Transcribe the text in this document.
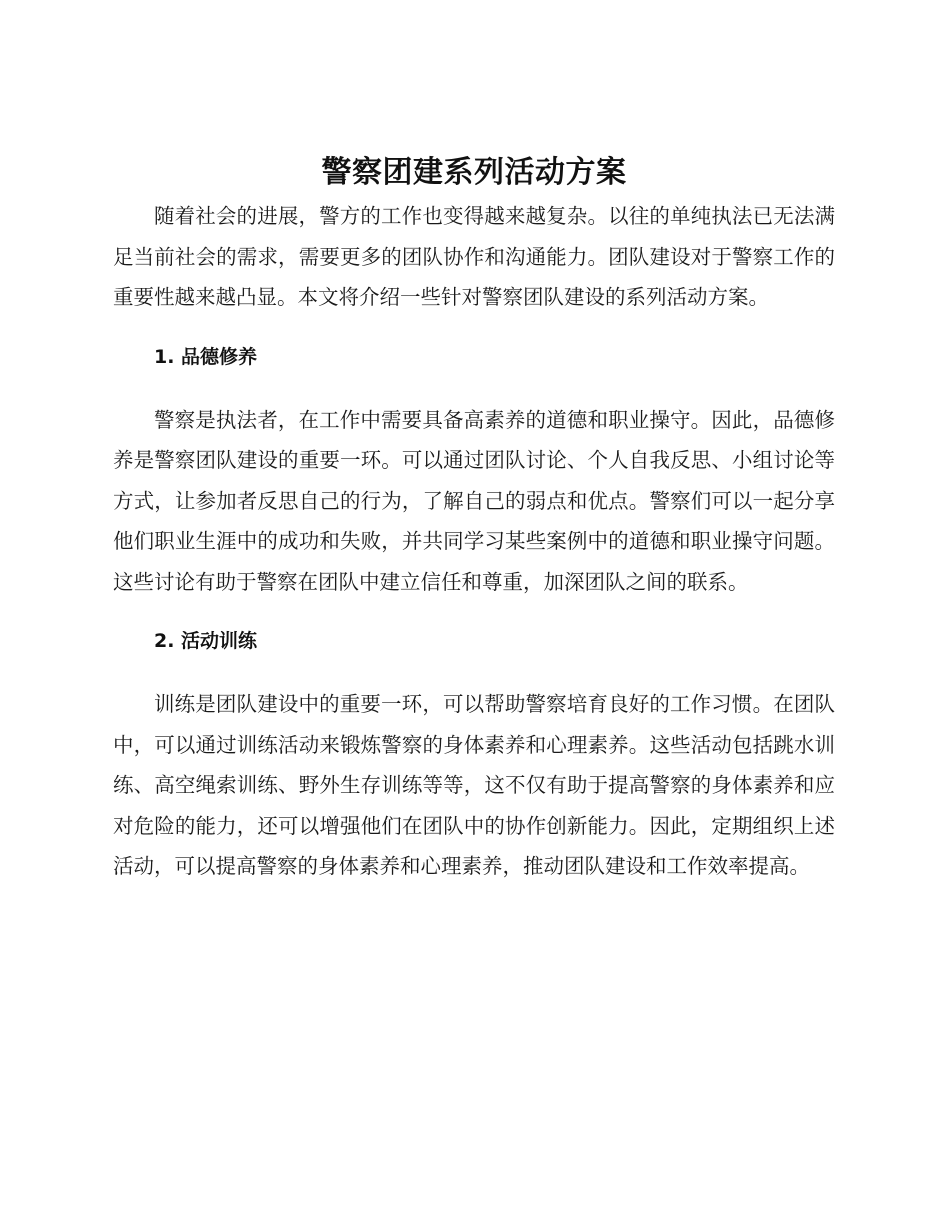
警察团建系列活动方案

随着社会的进展，警方的工作也变得越来越复杂。以往的单纯执法已无法满足当前社会的需求，需要更多的团队协作和沟通能力。团队建设对于警察工作的重要性越来越凸显。本文将介绍一些针对警察团队建设的系列活动方案。

1. 品德修养

警察是执法者，在工作中需要具备高素养的道德和职业操守。因此，品德修养是警察团队建设的重要一环。可以通过团队讨论、个人自我反思、小组讨论等方式，让参加者反思自己的行为，了解自己的弱点和优点。警察们可以一起分享他们职业生涯中的成功和失败，并共同学习某些案例中的道德和职业操守问题。这些讨论有助于警察在团队中建立信任和尊重，加深团队之间的联系。

2. 活动训练

训练是团队建设中的重要一环，可以帮助警察培育良好的工作习惯。在团队中，可以通过训练活动来锻炼警察的身体素养和心理素养。这些活动包括跳水训练、高空绳索训练、野外生存训练等等，这不仅有助于提高警察的身体素养和应对危险的能力，还可以增强他们在团队中的协作创新能力。因此，定期组织上述活动，可以提高警察的身体素养和心理素养，推动团队建设和工作效率提高。
